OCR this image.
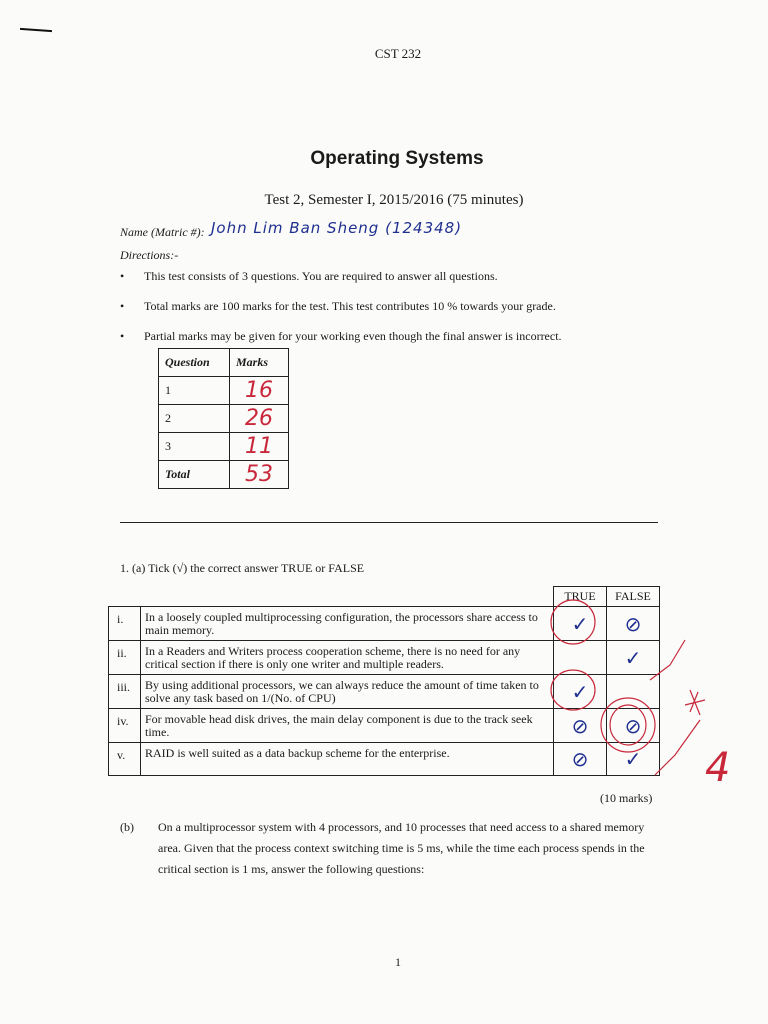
CST 232
Operating Systems
Test 2, Semester I, 2015/2016 (75 minutes)
Name (Matric #): John Lim Ban Sheng (124348)
Directions:-
• This test consists of 3 questions. You are required to answer all questions.
• Total marks are 100 marks for the test. This test contributes 10 % towards your grade.
• Partial marks may be given for your working even though the final answer is incorrect.
Question	Marks
1	16
2	26
3	11
Total	53
1. (a) Tick (√) the correct answer TRUE or FALSE
		TRUE	FALSE
i.	In a loosely coupled multiprocessing configuration, the processors share access to main memory.	✓	⊘
ii.	In a Readers and Writers process cooperation scheme, there is no need for any critical section if there is only one writer and multiple readers.		✓
iii.	By using additional processors, we can always reduce the amount of time taken to solve any task based on 1/(No. of CPU)	✓	
iv.	For movable head disk drives, the main delay component is due to the track seek time.	⊘	⊘
v.	RAID is well suited as a data backup scheme for the enterprise.	⊘	✓ 4
(10 marks)
(b) On a multiprocessor system with 4 processors, and 10 processes that need access to a shared memory area. Given that the process context switching time is 5 ms, while the time each process spends in the critical section is 1 ms, answer the following questions:
1
